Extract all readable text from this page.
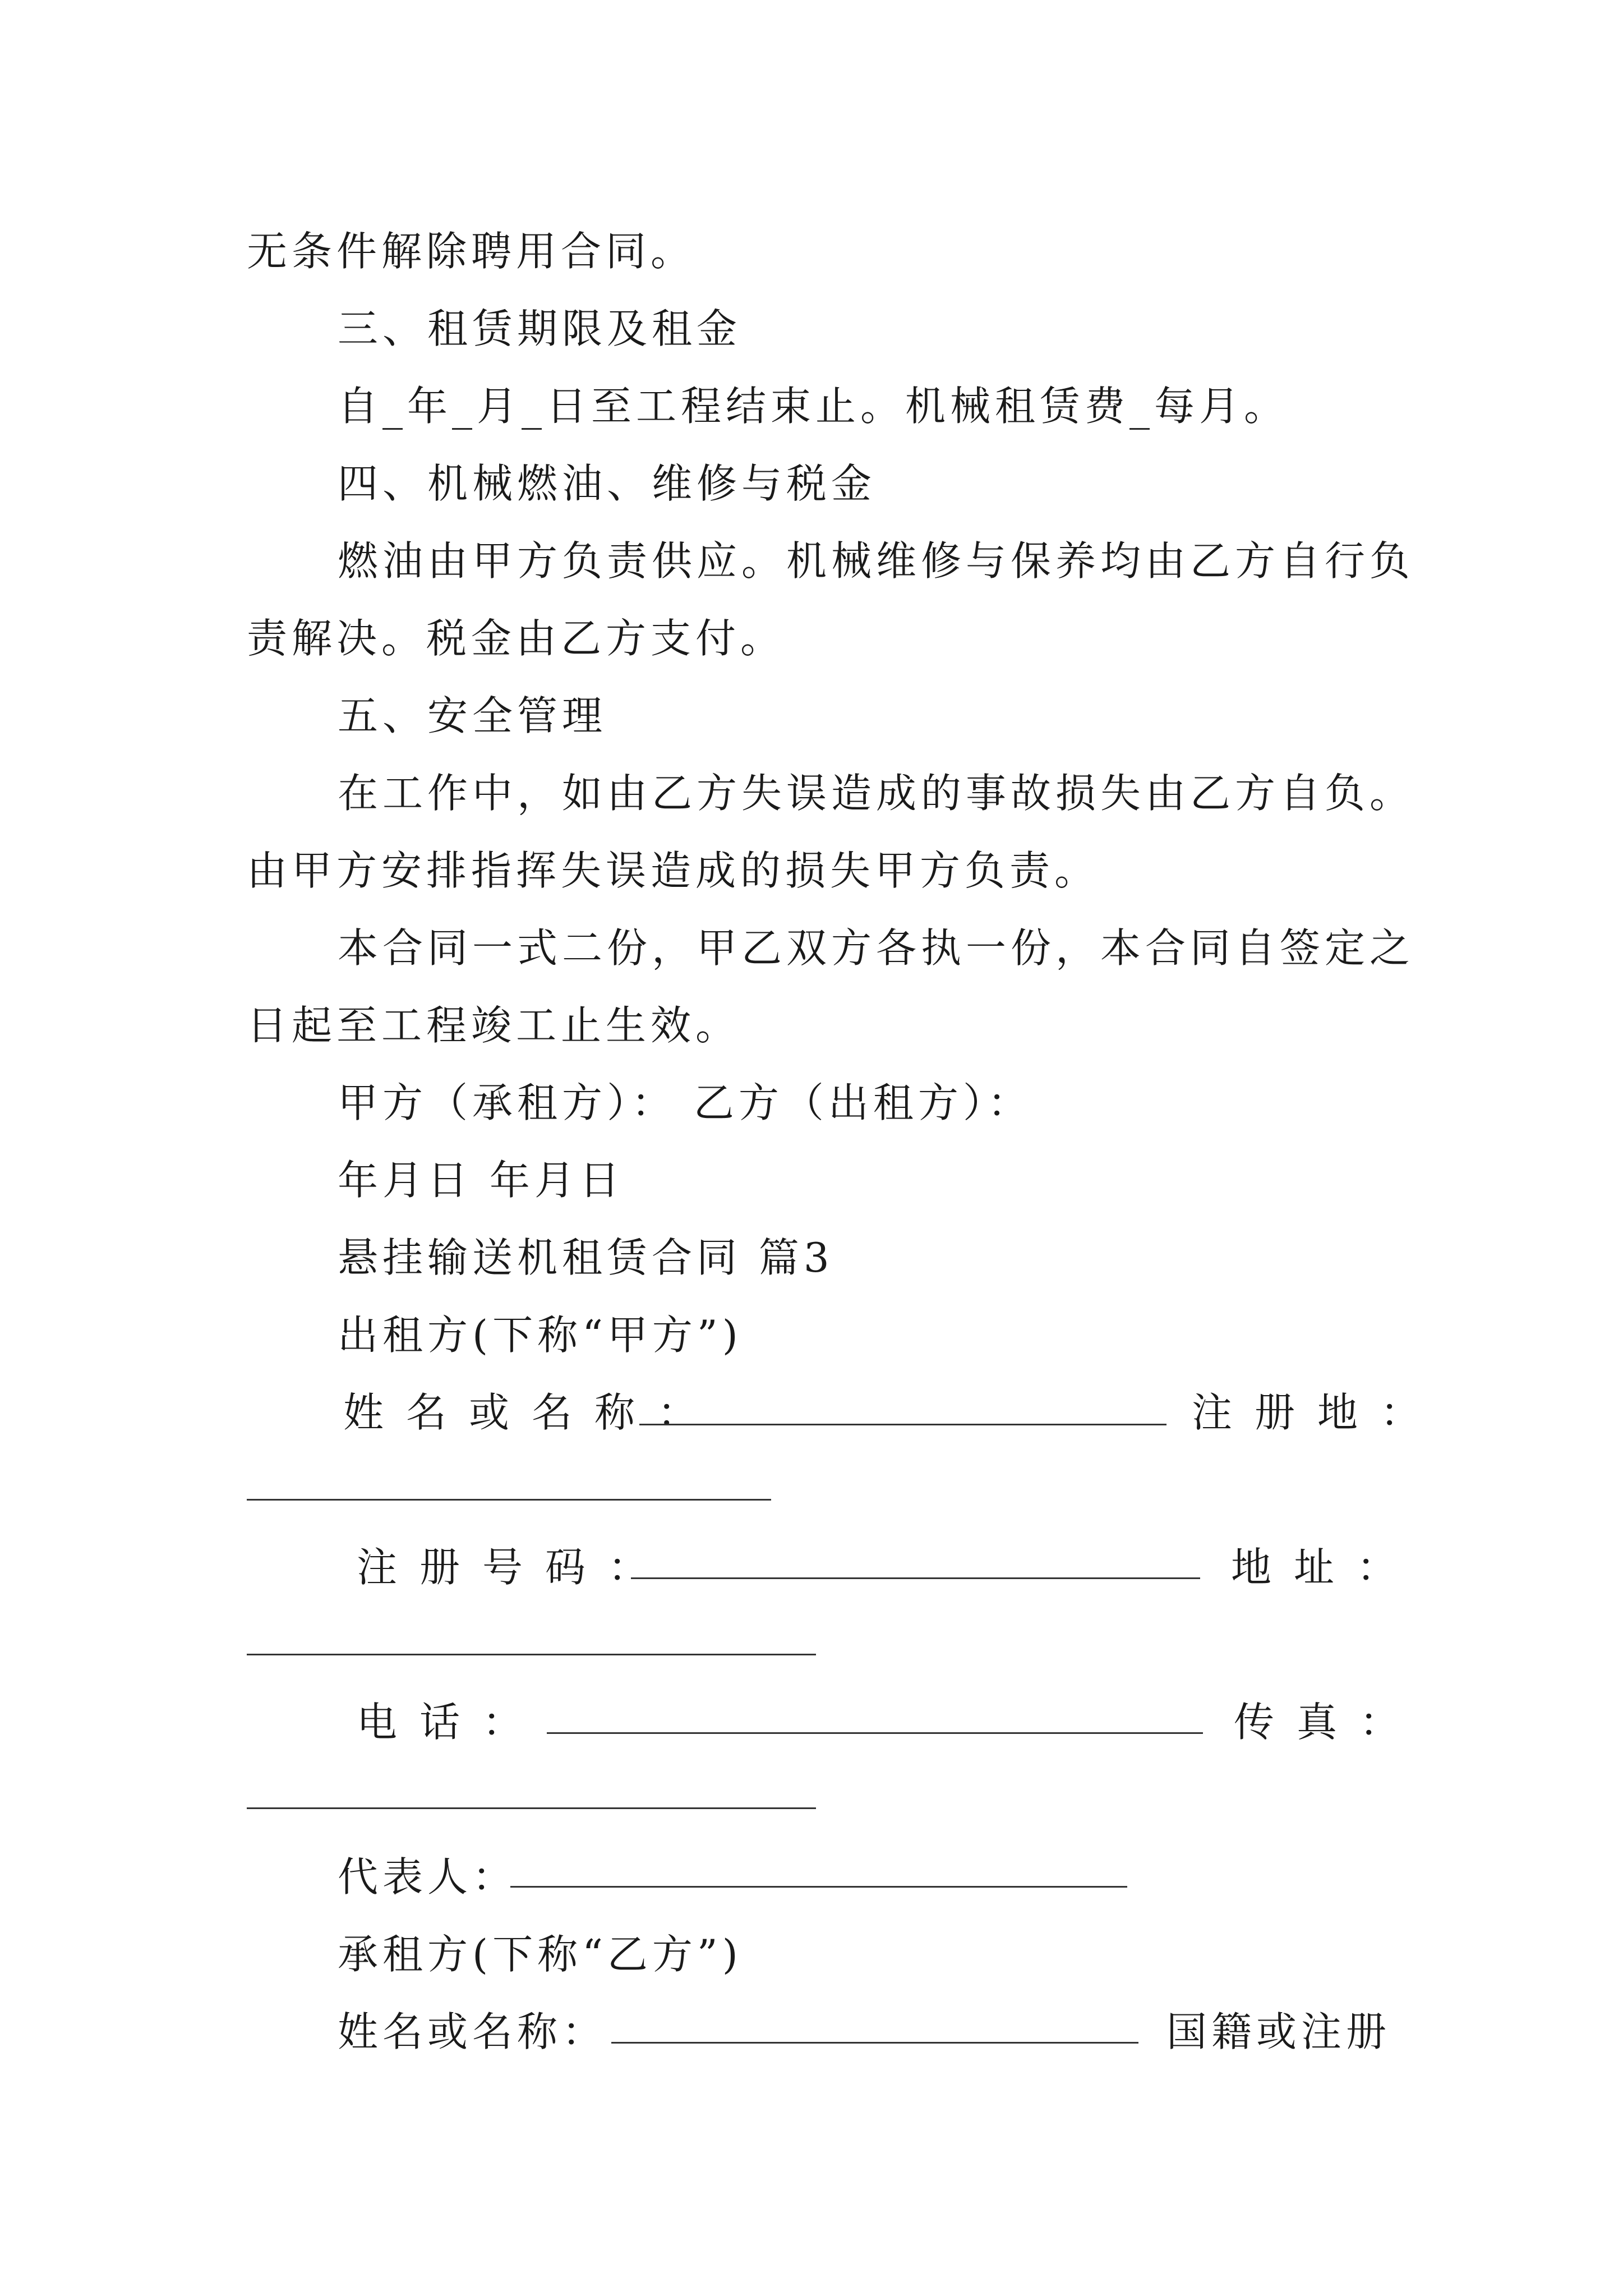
无条件解除聘用合同。
三、租赁期限及租金
自_年_月_日至工程结束止。机械租赁费_每月。
四、机械燃油、维修与税金
燃油由甲方负责供应。机械维修与保养均由乙方自行负
责解决。税金由乙方支付。
五、安全管理
在工作中，如由乙方失误造成的事故损失由乙方自负。
由甲方安排指挥失误造成的损失甲方负责。
本合同一式二份，甲乙双方各执一份，本合同自签定之
日起至工程竣工止生效。
甲方（承租方）： 乙方（出租方）：
年月日 年月日
悬挂输送机租赁合同 篇3
出租方(下称“甲方”)
姓名或名称：	注册地：
注册号码：	地址：
电话：	传真：
代表人：
承租方(下称“乙方”)
姓名或名称：	国籍或注册
